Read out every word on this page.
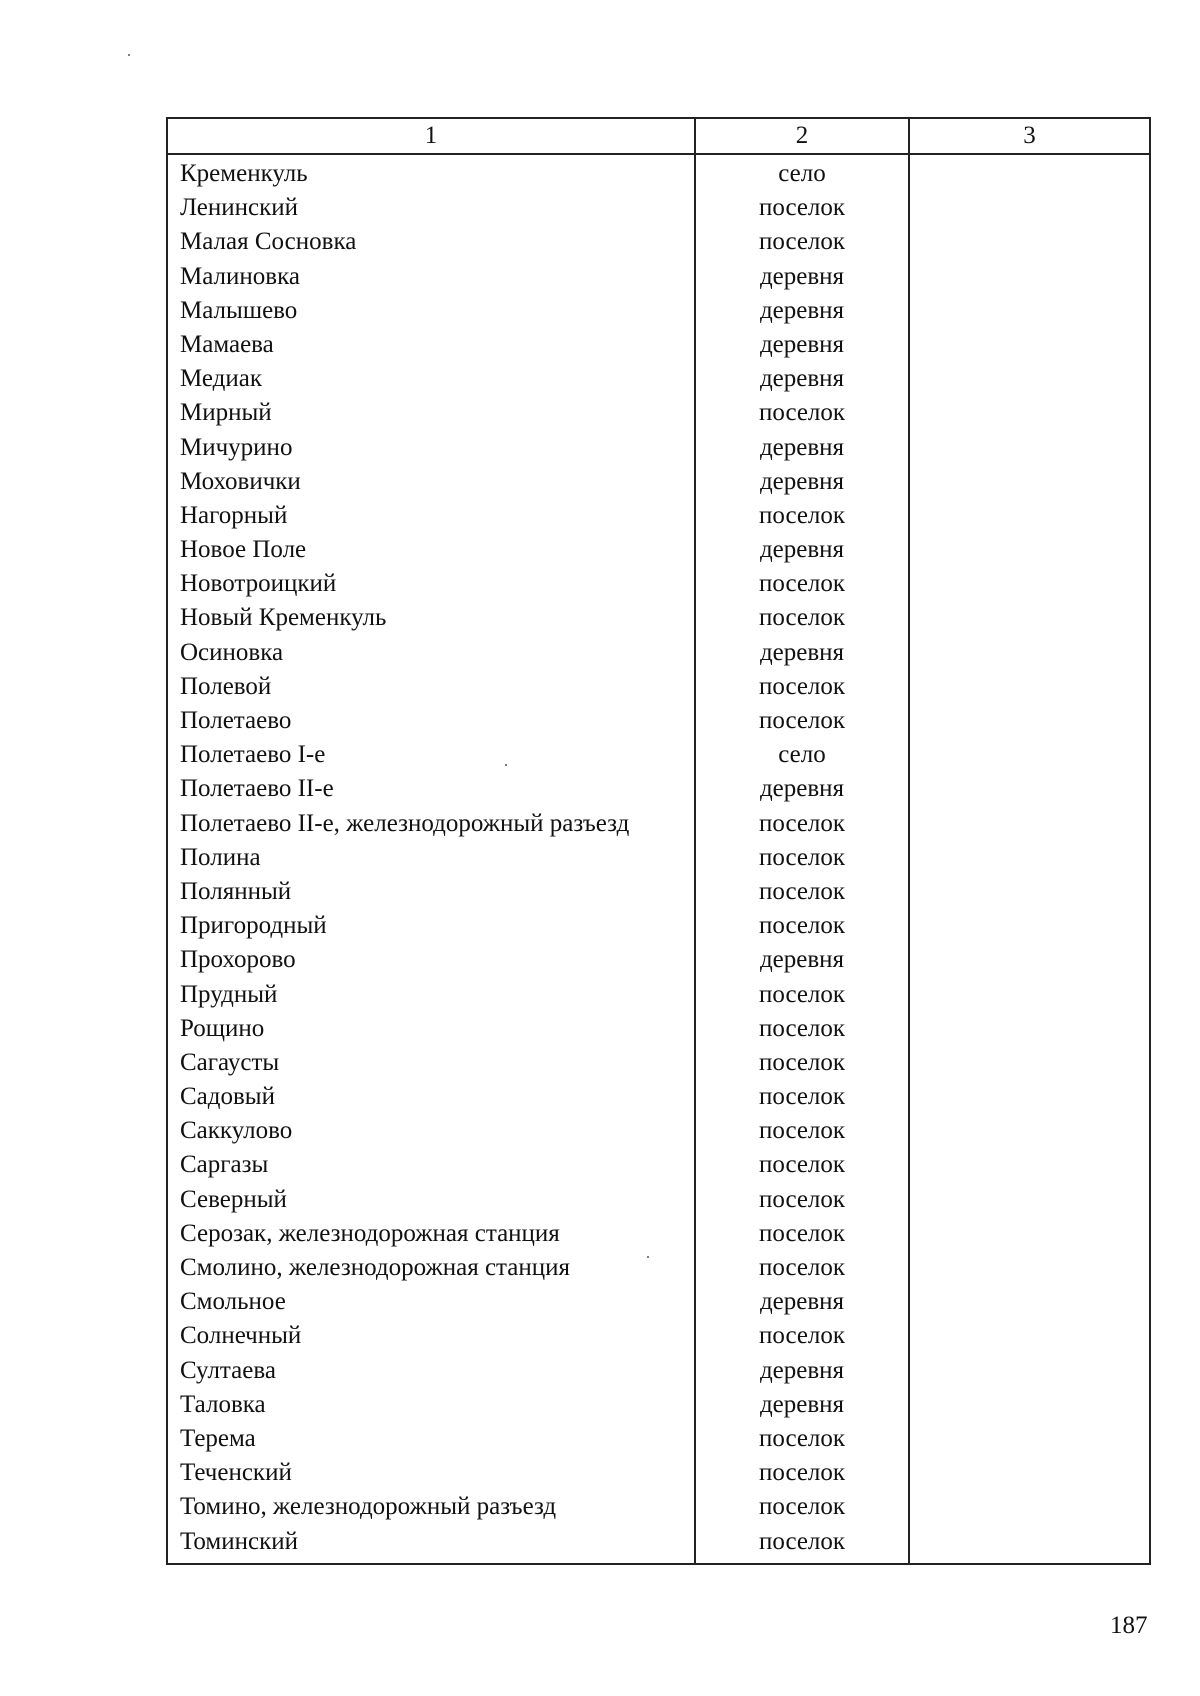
1	2	3
Кременкуль
Ленинский
Малая Сосновка
Малиновка
Малышево
Мамаева
Медиак
Мирный
Мичурино
Моховички
Нагорный
Новое Поле
Новотроицкий
Новый Кременкуль
Осиновка
Полевой
Полетаево
Полетаево I-е
Полетаево II-е
Полетаево II-е, железнодорожный разъезд
Полина
Полянный
Пригородный
Прохорово
Прудный
Рощино
Сагаусты
Садовый
Саккулово
Саргазы
Северный
Серозак, железнодорожная станция
Смолино, железнодорожная станция
Смольное
Солнечный
Султаева
Таловка
Терема
Теченский
Томино, железнодорожный разъезд
Томинский
село
поселок
поселок
деревня
деревня
деревня
деревня
поселок
деревня
деревня
поселок
деревня
поселок
поселок
деревня
поселок
поселок
село
деревня
поселок
поселок
поселок
поселок
деревня
поселок
поселок
поселок
поселок
поселок
поселок
поселок
поселок
поселок
деревня
поселок
деревня
деревня
поселок
поселок
поселок
поселок
187
